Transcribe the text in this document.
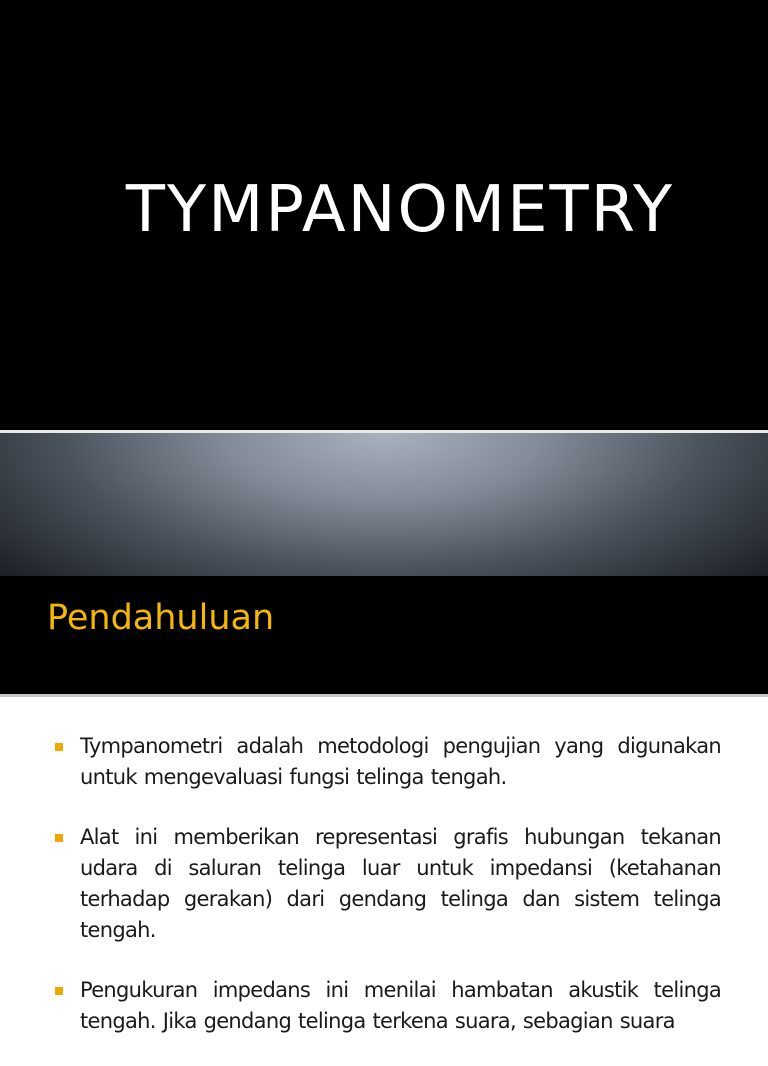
TYMPANOMETRY
Pendahuluan
Tympanometri adalah metodologi pengujian yang digunakan untuk mengevaluasi fungsi telinga tengah.
Alat ini memberikan representasi grafis hubungan tekanan udara di saluran telinga luar untuk impedansi (ketahanan terhadap gerakan) dari gendang telinga dan sistem telinga tengah.
Pengukuran impedans ini menilai hambatan akustik telinga tengah. Jika gendang telinga terkena suara, sebagian suara
